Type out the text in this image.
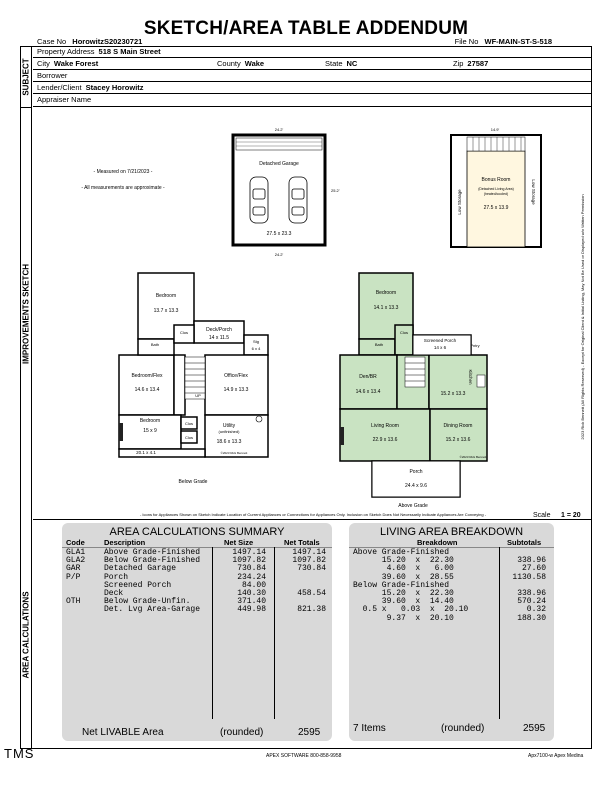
SKETCH/AREA TABLE ADDENDUM
Case No HorowitzS20230721	File No WF-MAIN-ST-S-518
SUBJECT
Property Address 518 S Main Street
City Wake Forest	County Wake	State NC	Zip 27587
Borrower
Lender/Client Stacey Horowitz
Appraiser Name
IMPROVEMENTS SKETCH
- Measured on 7/21/2023 -
- All measurements are approximate -
24.2'
Detached Garage
27.5 x 23.3
25.2'
24.2'
14.9'
Bonus Room
(Detached Living Area)
(heated/cooled)
27.5 x 13.9
Low Storage	Low Storage
Bedroom
13.7 x 13.3
Bath
Clos	Deck/Porch
14 x 11.5
Stg
6 x 4
Bedroom/Flex
14.6 x 13.4
Office/Flex
14.9 x 13.3
UP
Bedroom
15 x 9
Clos
Clos
Utility
(unfinished)
18.6 x 13.3
20.1 x 4.1	©2023 Rick Bennett
Below Grade
Bedroom
14.1 x 13.3
Bath
Clos
Screened Porch
14 x 6	Pntry
Den/BR
14.6 x 13.4
Kitchen
15.2 x 13.3
Living Room
22.9 x 13.6
Dining Room
15.2 x 13.6
©2023 Rick Bennett
Porch
24.4 x 9.6
Above Grade
- Icons for Appliances Shown on Sketch Indicate Location of Current Appliances or Connections for Appliances Only. Inclusion on Sketch Does Not Necessarily Indicate Appliances Are Conveying -	Scale 1 = 20
2023 Rick Bennett (All Rights Reserved) - Except for Original Client & Initial Listing, May Not Be Used or Displayed w/o Written Permission
AREA CALCULATIONS
AREA CALCULATIONS SUMMARY
Code	Description	Net Size	Net Totals
GLA1 Above Grade-Finished	1497.14	1497.14
GLA2 Below Grade-Finished	1097.82	1097.82
GAR	Detached Garage	730.84	730.84
P/P	Porch	234.24
Screened Porch	84.00
Deck	140.30	458.54
OTH	Below Grade-Unfin.	371.40
Det. Lvg Area-Garage	449.98	821.38
Net LIVABLE Area	(rounded)	2595
LIVING AREA BREAKDOWN
Breakdown	Subtotals
Above Grade-Finished
15.20  x  22.30	338.96
4.60  x   6.00	27.60
39.60  x  28.55	1130.58
Below Grade-Finished
15.20  x  22.30	338.96
39.60  x  14.40	570.24
0.5 x   0.03  x  20.10	0.32
9.37  x  20.10	188.30
7 Items	(rounded)	2595
TMS	APEX SOFTWARE 800-858-9958	Apx7100-w Apex Medina
